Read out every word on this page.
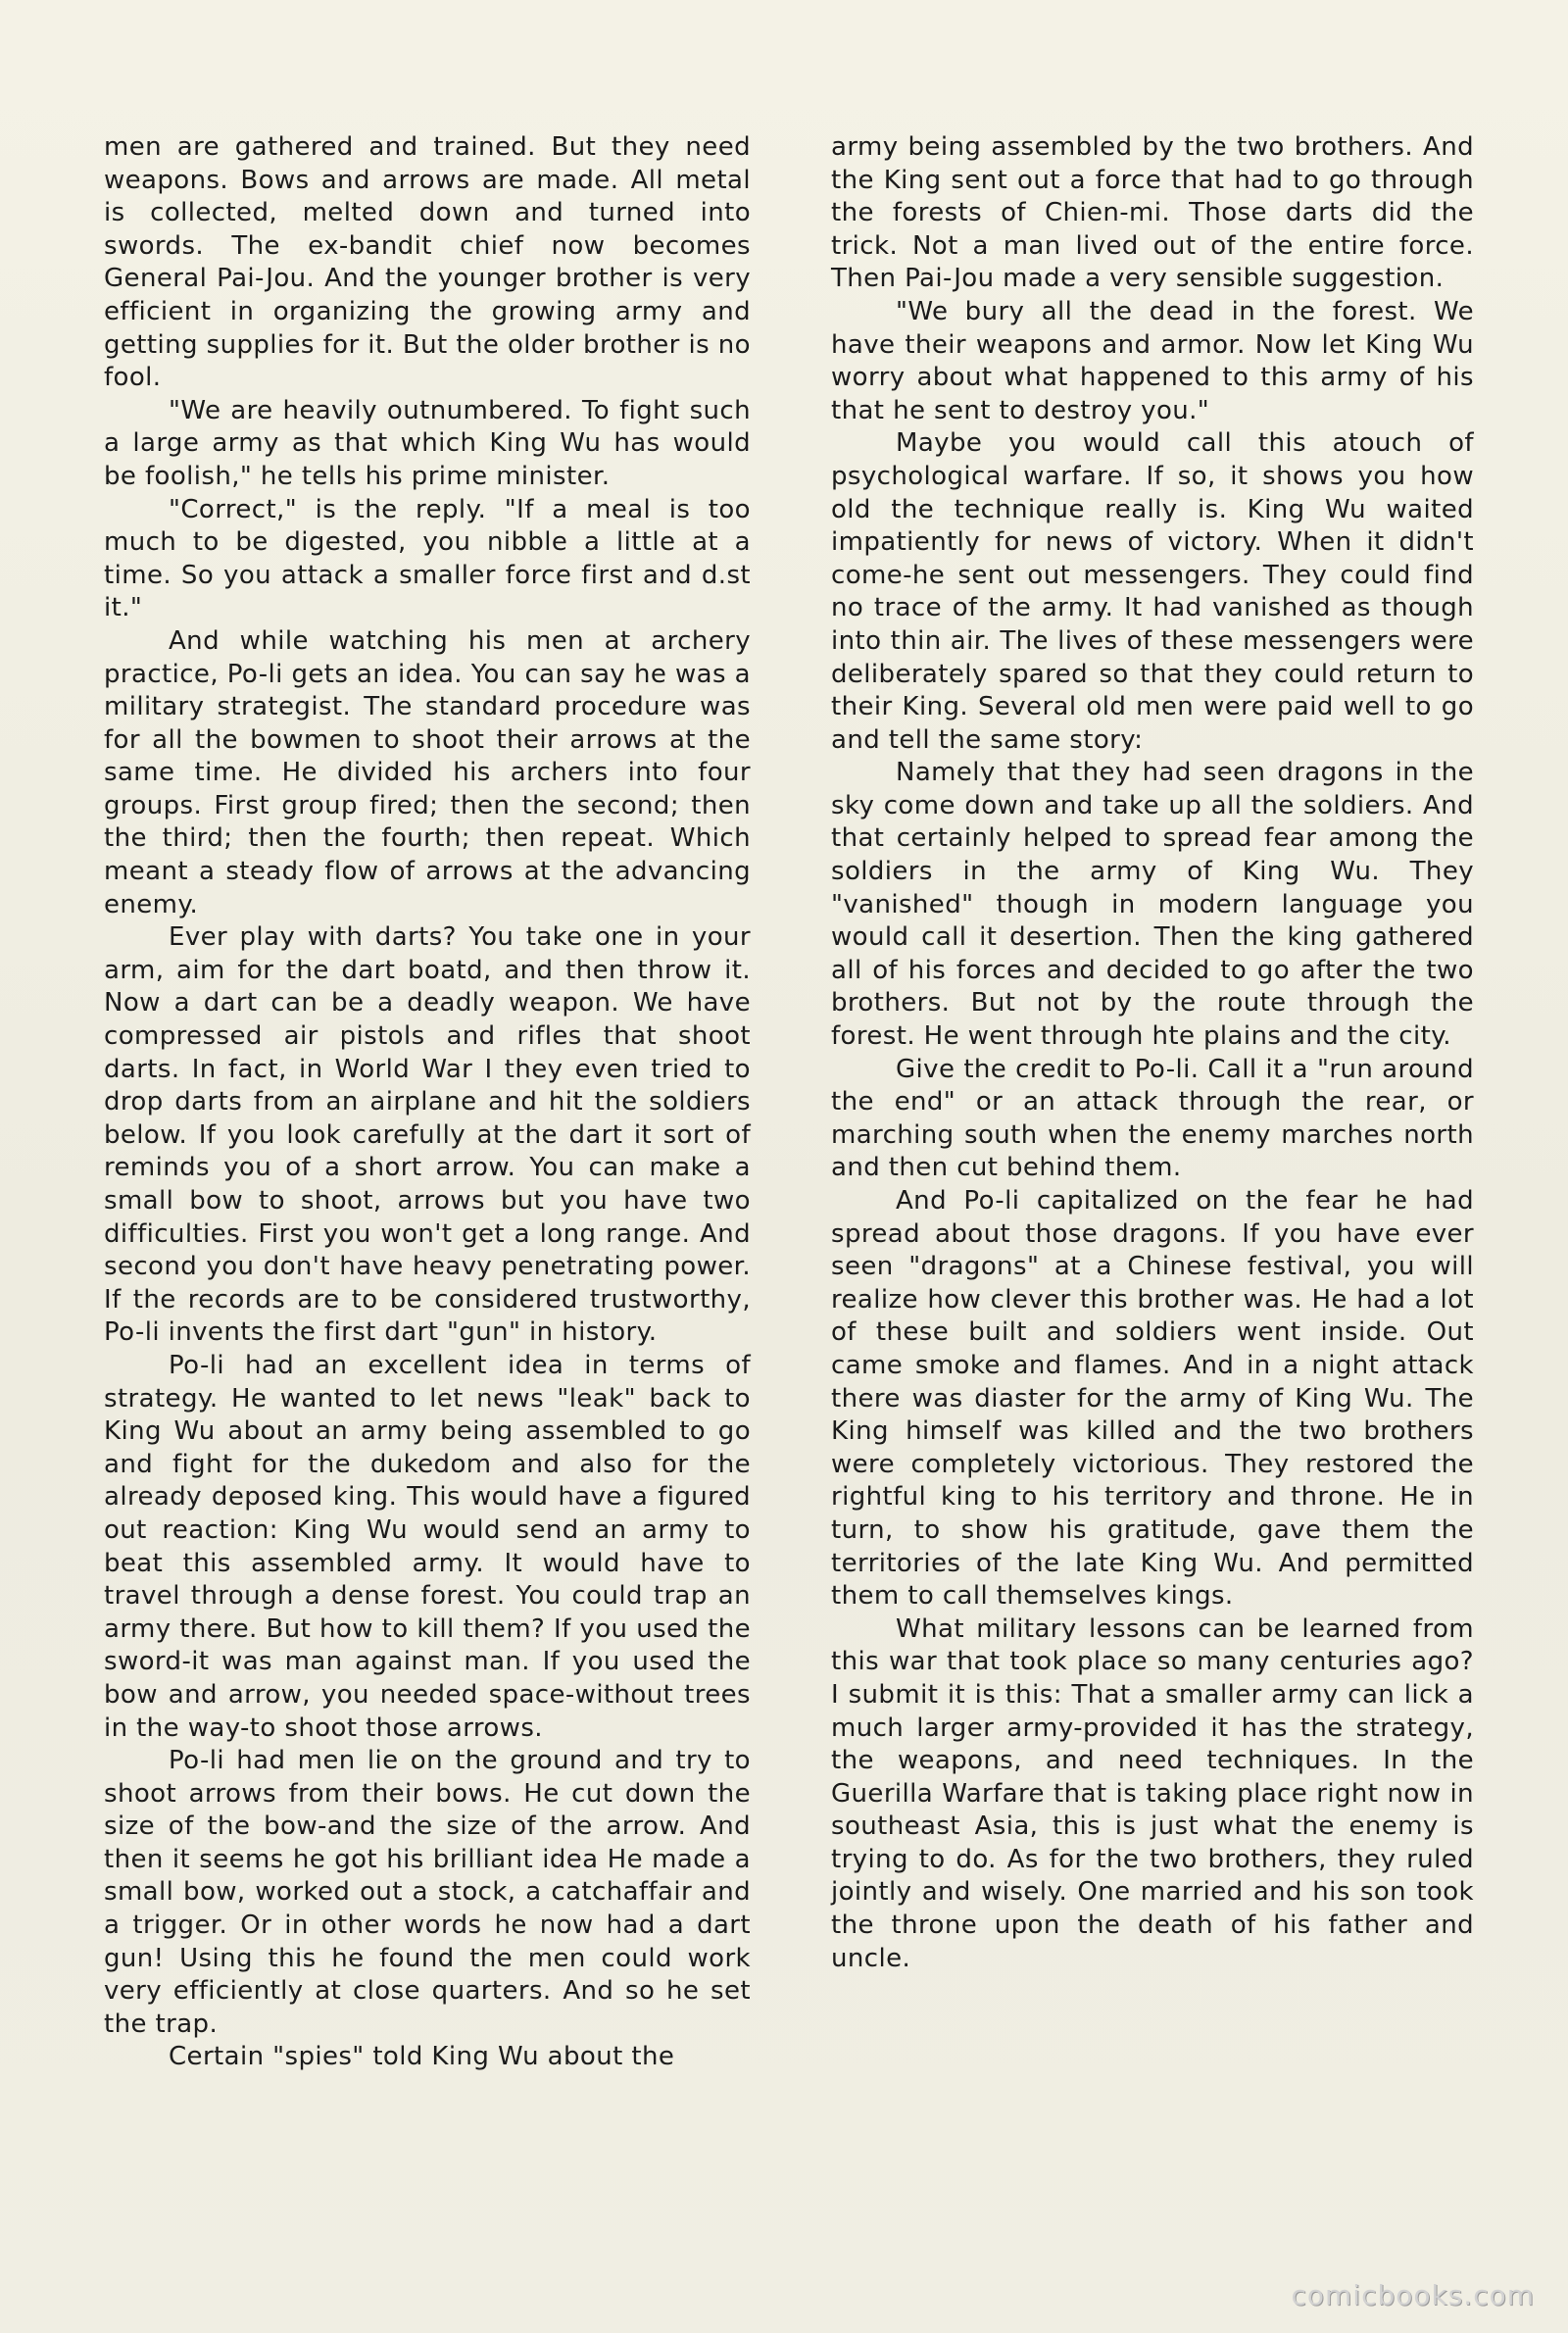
men are gathered and trained. But they need weapons. Bows and arrows are made. All metal is collected, melted down and turned into swords. The ex-bandit chief now becomes General Pai-Jou. And the younger brother is very efficient in organizing the growing army and getting supplies for it. But the older brother is no fool.

"We are heavily outnumbered. To fight such a large army as that which King Wu has would be foolish," he tells his prime minister.

"Correct," is the reply. "If a meal is too much to be digested, you nibble a little at a time. So you attack a smaller force first and d.st it."

And while watching his men at archery practice, Po-li gets an idea. You can say he was a military strategist. The standard procedure was for all the bowmen to shoot their arrows at the same time. He divided his archers into four groups. First group fired; then the second; then the third; then the fourth; then repeat. Which meant a steady flow of arrows at the advancing enemy.

Ever play with darts? You take one in your arm, aim for the dart boatd, and then throw it. Now a dart can be a deadly weapon. We have compressed air pistols and rifles that shoot darts. In fact, in World War I they even tried to drop darts from an airplane and hit the soldiers below. If you look carefully at the dart it sort of reminds you of a short arrow. You can make a small bow to shoot, arrows but you have two difficulties. First you won't get a long range. And second you don't have heavy penetrating power. If the records are to be considered trustworthy, Po-li invents the first dart "gun" in history.

Po-li had an excellent idea in terms of strategy. He wanted to let news "leak" back to King Wu about an army being assembled to go and fight for the dukedom and also for the already deposed king. This would have a figured out reaction: King Wu would send an army to beat this assembled army. It would have to travel through a dense forest. You could trap an army there. But how to kill them? If you used the sword-it was man against man. If you used the bow and arrow, you needed space-without trees in the way-to shoot those arrows.

Po-li had men lie on the ground and try to shoot arrows from their bows. He cut down the size of the bow-and the size of the arrow. And then it seems he got his brilliant idea He made a small bow, worked out a stock, a catchaffair and a trigger. Or in other words he now had a dart gun! Using this he found the men could work very efficiently at close quarters. And so he set the trap.

Certain "spies" told King Wu about the

army being assembled by the two brothers. And the King sent out a force that had to go through the forests of Chien-mi. Those darts did the trick. Not a man lived out of the entire force. Then Pai-Jou made a very sensible suggestion.

"We bury all the dead in the forest. We have their weapons and armor. Now let King Wu worry about what happened to this army of his that he sent to destroy you."

Maybe you would call this atouch of psychological warfare. If so, it shows you how old the technique really is. King Wu waited impatiently for news of victory. When it didn't come-he sent out messengers. They could find no trace of the army. It had vanished as though into thin air. The lives of these messengers were deliberately spared so that they could return to their King. Several old men were paid well to go and tell the same story:

Namely that they had seen dragons in the sky come down and take up all the soldiers. And that certainly helped to spread fear among the soldiers in the army of King Wu. They "vanished" though in modern language you would call it desertion. Then the king gathered all of his forces and decided to go after the two brothers. But not by the route through the forest. He went through hte plains and the city.

Give the credit to Po-li. Call it a "run around the end" or an attack through the rear, or marching south when the enemy marches north and then cut behind them.

And Po-li capitalized on the fear he had spread about those dragons. If you have ever seen "dragons" at a Chinese festival, you will realize how clever this brother was. He had a lot of these built and soldiers went inside. Out came smoke and flames. And in a night attack there was diaster for the army of King Wu. The King himself was killed and the two brothers were completely victorious. They restored the rightful king to his territory and throne. He in turn, to show his gratitude, gave them the territories of the late King Wu. And permitted them to call themselves kings.

What military lessons can be learned from this war that took place so many centuries ago? I submit it is this: That a smaller army can lick a much larger army-provided it has the strategy, the weapons, and need techniques. In the Guerilla Warfare that is taking place right now in southeast Asia, this is just what the enemy is trying to do. As for the two brothers, they ruled jointly and wisely. One married and his son took the throne upon the death of his father and uncle.

comicbooks.com
